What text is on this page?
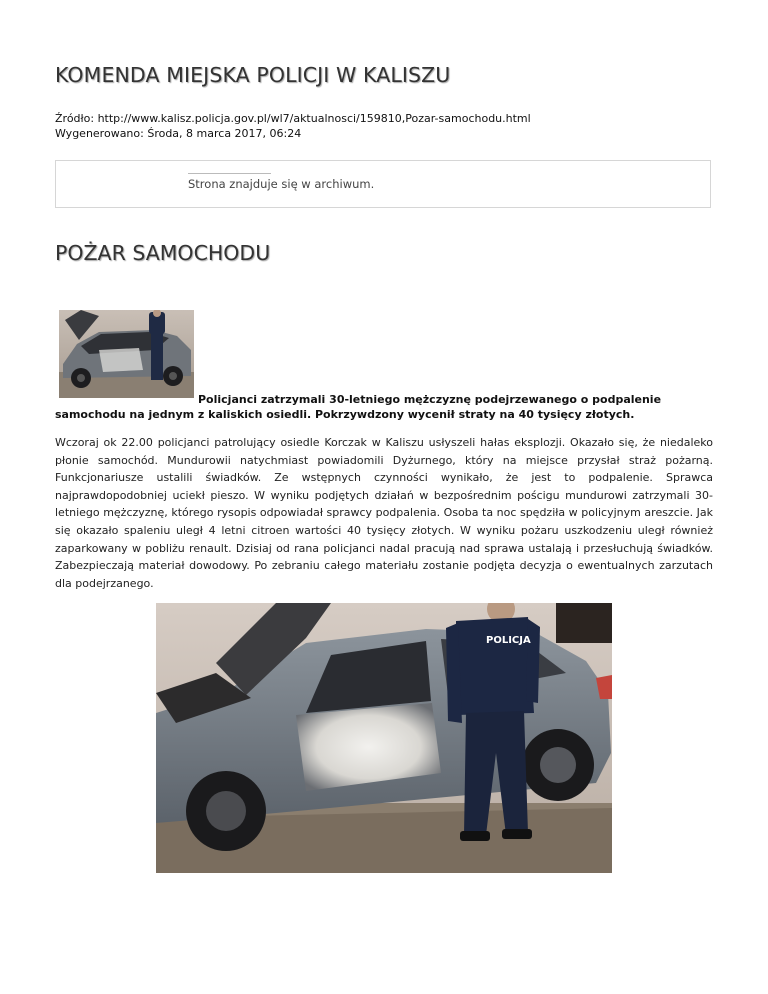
KOMENDA MIEJSKA POLICJI W KALISZU
Źródło: http://www.kalisz.policja.gov.pl/wl7/aktualnosci/159810,Pozar-samochodu.html
Wygenerowano: Środa, 8 marca 2017, 06:24
Strona znajduje się w archiwum.
POŻAR SAMOCHODU
Policjanci zatrzymali 30-letniego mężczyznę podejrzewanego o podpalenie samochodu na jednym z kaliskich osiedli. Pokrzywdzony wycenił straty na 40 tysięcy złotych.

Wczoraj ok 22.00 policjanci patrolujący osiedle Korczak w Kaliszu usłyszeli hałas eksplozji. Okazało się, że niedaleko płonie samochód. Mundurowii natychmiast powiadomili Dyżurnego, który na miejsce przysłał straż pożarną. Funkcjonariusze ustalili świadków. Ze wstępnych czynności wynikało, że jest to podpalenie. Sprawca najprawdopodobniej uciekł pieszo. W wyniku podjętych działań w bezpośrednim pościgu mundurowi zatrzymali 30-letniego mężczyznę, którego rysopis odpowiadał sprawcy podpalenia. Osoba ta noc spędziła w policyjnym areszcie. Jak się okazało spaleniu uległ 4 letni citroen wartości 40 tysięcy złotych. W wyniku pożaru uszkodzeniu uległ również zaparkowany w pobliżu renault. Dzisiaj od rana policjanci nadal pracują nad sprawa ustalają i przesłuchują świadków. Zabezpieczają materiał dowodowy. Po zebraniu całego materiału zostanie podjęta decyzja o ewentualnych zarzutach dla podejrzanego.

POLICJA
